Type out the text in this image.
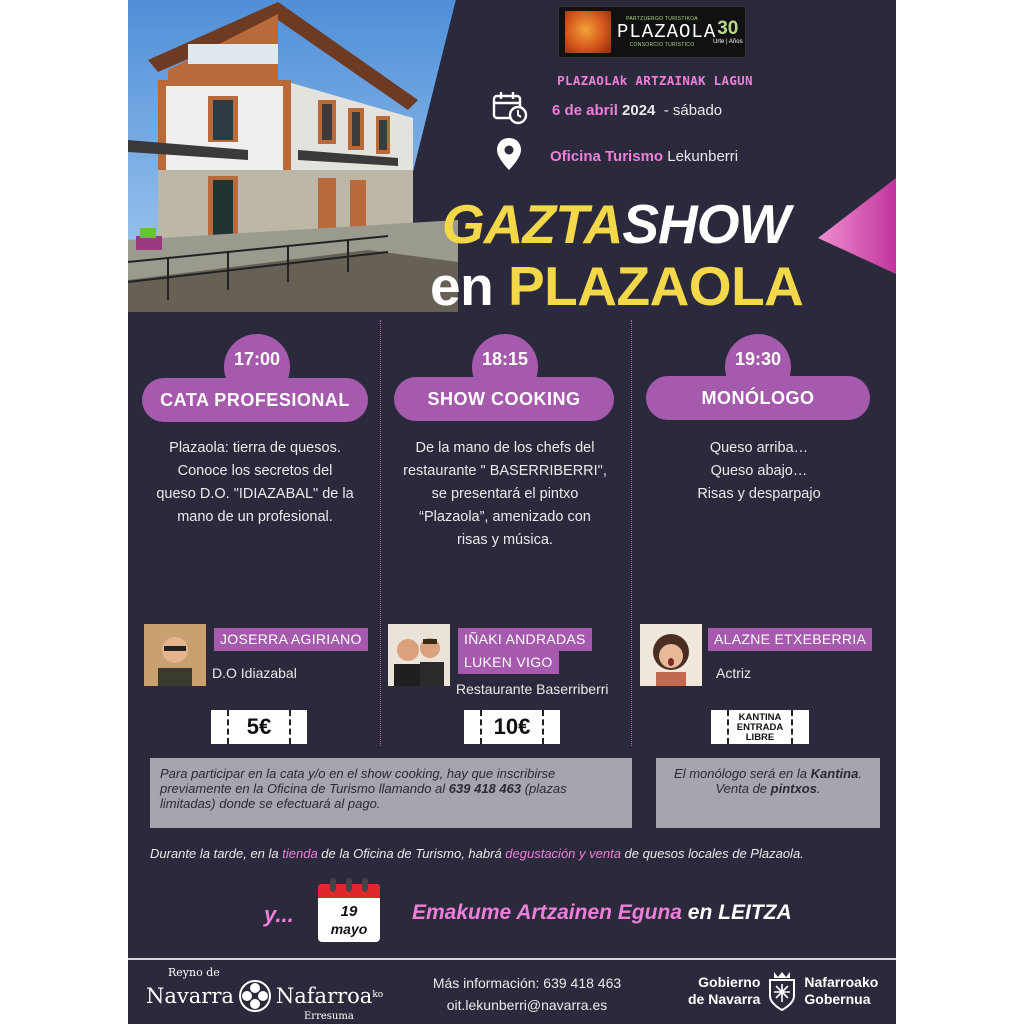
PARTZUERGO TURISTIKOA
PLAZAOLA
CONSORCIO TURÍSTICO
30
Urte | Años
PLAZAOLAk ARTZAINAK LAGUN
6 de abril 2024 - sábado
Oficina Turismo Lekunberri
GAZTASHOW
en PLAZAOLA
17:00
CATA PROFESIONAL
Plazaola: tierra de quesos.
Conoce los secretos del
queso D.O. "IDIAZABAL" de la
mano de un profesional.
JOSERRA AGIRIANO
D.O Idiazabal
5€
18:15
SHOW COOKING
De la mano de los chefs del
restaurante " BASERRIBERRI",
se presentará el pintxo
“Plazaola”, amenizado con
risas y música.
IÑAKI ANDRADAS
LUKEN VIGO
Restaurante Baserriberri
10€
19:30
MONÓLOGO
Queso arriba…
Queso abajo…
Risas y desparpajo
ALAZNE ETXEBERRIA
Actriz
KANTINA
ENTRADA
LIBRE
Para participar en la cata y/o en el show cooking, hay que inscribirse previamente en la Oficina de Turismo llamando al 639 418 463 (plazas limitadas) donde se efectuará al pago.
El monólogo será en la Kantina. Venta de pintxos.
Durante la tarde, en la tienda de la Oficina de Turismo, habrá degustación y venta de quesos locales de Plazaola.
y...	19
mayo
Emakume Artzainen Eguna en LEITZA
Reyno de
Navarra Nafarroa ko
Erresuma
www.visitnavarra.es
Más información: 639 418 463
oit.lekunberri@navarra.es
Gobierno
de Navarra
Nafarroako
Gobernua
